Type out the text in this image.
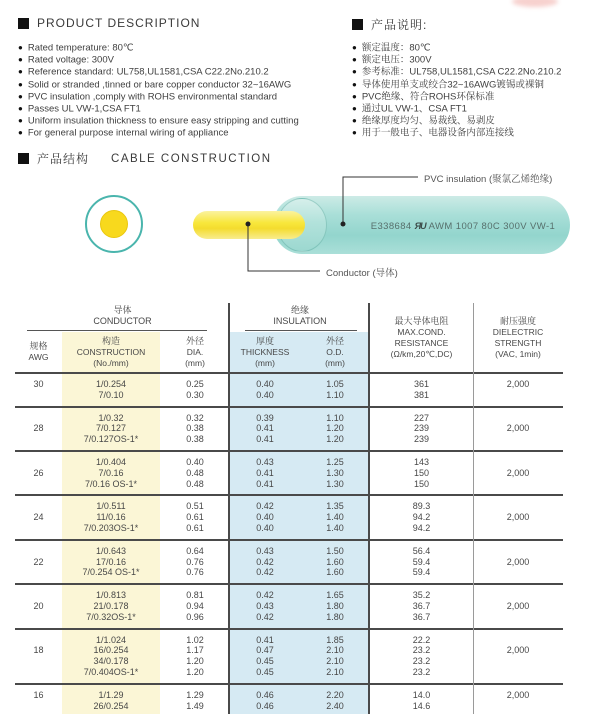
PRODUCT DESCRIPTION
● Rated temperature: 80℃
● Rated voltage: 300V
● Reference standard: UL758,UL1581,CSA C22.2No.210.2
● Solid or stranded ,tinned or bare copper conductor 32~16AWG
● PVC insulation ,comply with ROHS environmental standard
● Passes UL VW-1,CSA FT1
● Uniform insulation thickness to ensure easy stripping and cutting
● For general purpose internal wiring of appliance
产品说明:
● 额定温度：80℃
● 额定电压：300V
● 参考标准：UL758,UL1581,CSA C22.2No.210.2
● 导体使用单支或绞合32~16AWG镀锡或裸铜
● PVC绝缘、符合ROHS环保标准
● 通过UL VW-1、CSA FT1
● 绝缘厚度均匀、易裁线、易剥皮
● 用于一般电子、电器设备内部连接线
产品结构 CABLE CONSTRUCTION
E338684 ЯU AWM 1007 80C 300V VW-1
PVC insulation (聚氯乙烯绝缘)
Conductor (导体)
导体
CONDUCTOR
绝缘
INSULATION
规格
AWG
构造
CONSTRUCTION
(No./mm)
外径
DIA.
(mm)
厚度
THICKNESS
(mm)
外径
O.D.
(mm)
最大导体电阻
MAX.COND.
RESISTANCE
(Ω/km,20℃,DC)
耐压强度
DIELECTRIC
STRENGTH
(VAC, 1min)
30
	1/0.254
7/0.10
0.25
0.30
0.40
0.40
1.05
1.10
361
381
2,000

28

1/0.32
7/0.127
7/0.127OS-1*
0.32
0.38
0.38
0.39
0.41
0.41
1.10
1.20
1.20
227
239
239

2,000

26

1/0.404
7/0.16
7/0.16 OS-1*
0.40
0.48
0.48
0.43
0.41
0.41
1.25
1.30
1.30
143
150
150

2,000

24

1/0.511
11/0.16
7/0.203OS-1*
0.51
0.61
0.61
0.42
0.40
0.40
1.35
1.40
1.40
89.3
94.2
94.2

2,000

22

1/0.643
17/0.16
7/0.254 OS-1*
0.64
0.76
0.76
0.43
0.42
0.42
1.50
1.60
1.60
56.4
59.4
59.4

2,000

20

1/0.813
21/0.178
7/0.32OS-1*
0.81
0.94
0.96
0.42
0.43
0.42
1.65
1.80
1.80
35.2
36.7
36.7

2,000

18

1/1.024
16/0.254
34/0.178
7/0.404OS-1*
1.02
1.17
1.20
1.20
0.41
0.47
0.45
0.45
1.85
2.10
2.10
2.10
22.2
23.2
23.2
23.2

2,000

16
	1/1.29
26/0.254
1.29
1.49
0.46
0.46
2.20
2.40
14.0
14.6
2,000
